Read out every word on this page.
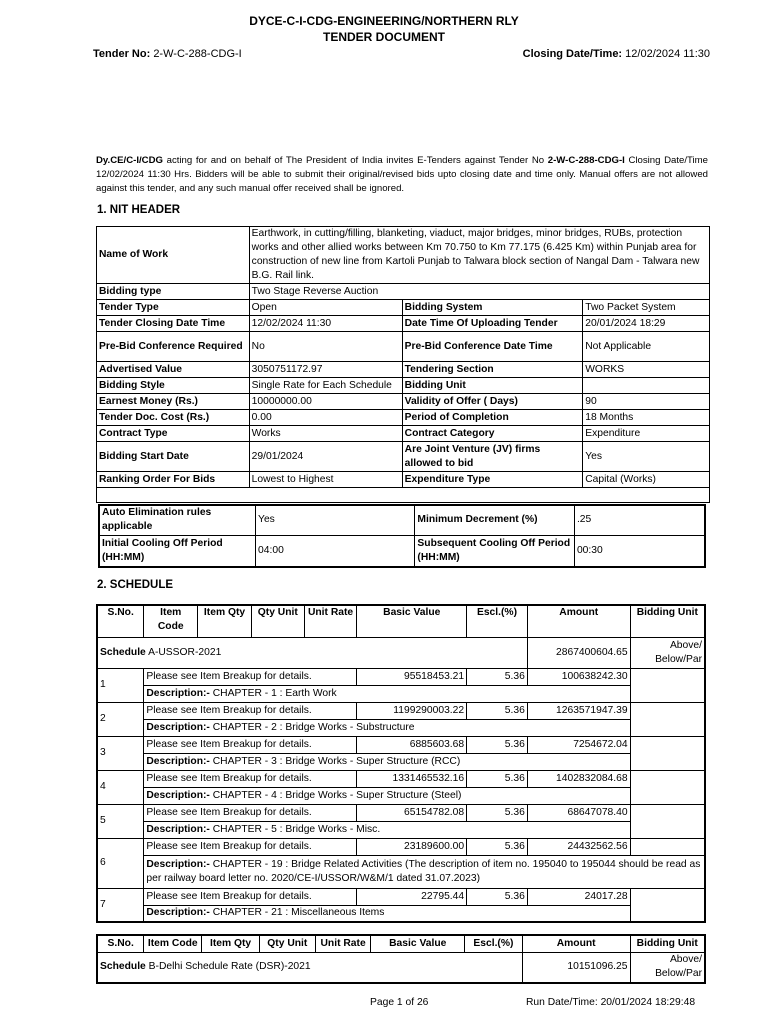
DYCE-C-I-CDG-ENGINEERING/NORTHERN RLY
TENDER DOCUMENT
Tender No: 2-W-C-288-CDG-I	Closing Date/Time: 12/02/2024 11:30
Dy.CE/C-I/CDG acting for and on behalf of The President of India invites E-Tenders against Tender No 2-W-C-288-CDG-I Closing Date/Time 12/02/2024 11:30 Hrs. Bidders will be able to submit their original/revised bids upto closing date and time only. Manual offers are not allowed against this tender, and any such manual offer received shall be ignored.
1. NIT HEADER
Name of Work	Earthwork, in cutting/filling, blanketing, viaduct, major bridges, minor bridges, RUBs, protection works and other allied works between Km 70.750 to Km 77.175 (6.425 Km) within Punjab area for construction of new line from Kartoli Punjab to Talwara block section of Nangal Dam - Talwara new B.G. Rail link.		
Bidding type	Two Stage Reverse Auction		
Tender Type	Open	Bidding System	Two Packet System
Tender Closing Date Time	12/02/2024 11:30	Date Time Of Uploading Tender	20/01/2024 18:29
Pre-Bid Conference Required	No	Pre-Bid Conference Date Time	Not Applicable
Advertised Value	3050751172.97	Tendering Section	WORKS
Bidding Style	Single Rate for Each Schedule	Bidding Unit	
Earnest Money (Rs.)	10000000.00	Validity of Offer ( Days)	90
Tender Doc. Cost (Rs.)	0.00	Period of Completion	18 Months
Contract Type	Works	Contract Category	Expenditure
Bidding Start Date	29/01/2024	Are Joint Venture (JV) firms allowed to bid	Yes
Ranking Order For Bids	Lowest to Highest	Expenditure Type	Capital (Works)

Auto Elimination rules applicable	Yes	Minimum Decrement (%)	.25
Initial Cooling Off Period (HH:MM)	04:00	Subsequent Cooling Off Period (HH:MM)	00:30
2. SCHEDULE
S.No.	Item Code	Item Qty	Qty Unit	Unit Rate	Basic Value	Escl.(%)	Amount	Bidding Unit
Schedule A-USSOR-2021							2867400604.65	Above/ Below/Par
1	Please see Item Breakup for details.				95518453.21	5.36	100638242.30	
	Description:- CHAPTER - 1 : Earth Work							
2	Please see Item Breakup for details.				1199290003.22	5.36	1263571947.39	
	Description:- CHAPTER - 2 : Bridge Works - Substructure							
3	Please see Item Breakup for details.				6885603.68	5.36	7254672.04	
	Description:- CHAPTER - 3 : Bridge Works - Super Structure (RCC)							
4	Please see Item Breakup for details.				1331465532.16	5.36	1402832084.68	
	Description:- CHAPTER - 4 : Bridge Works - Super Structure (Steel)							
5	Please see Item Breakup for details.				65154782.08	5.36	68647078.40	
	Description:- CHAPTER - 5 : Bridge Works - Misc.							
6	Please see Item Breakup for details.				23189600.00	5.36	24432562.56	
	Description:- CHAPTER - 19 : Bridge Related Activities (The description of item no. 195040 to 195044 should be read as per railway board letter no. 2020/CE-I/USSOR/W&M/1 dated 31.07.2023)							
7	Please see Item Breakup for details.				22795.44	5.36	24017.28	
	Description:- CHAPTER - 21 : Miscellaneous Items							
S.No.	Item Code	Item Qty	Qty Unit	Unit Rate	Basic Value	Escl.(%)	Amount	Bidding Unit
Schedule B-Delhi Schedule Rate (DSR)-2021							10151096.25	Above/ Below/Par
Page 1 of 26	Run Date/Time: 20/01/2024 18:29:48
